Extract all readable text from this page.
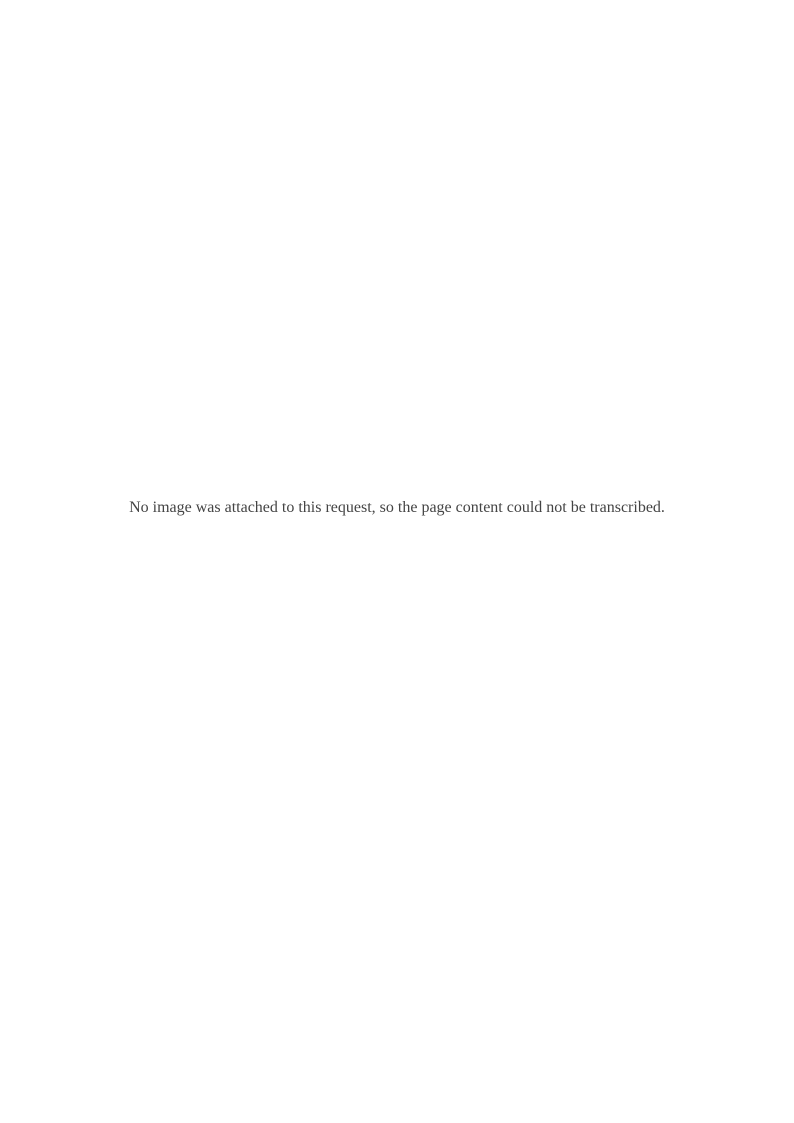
No image was attached to this request, so the page content could not be transcribed.
